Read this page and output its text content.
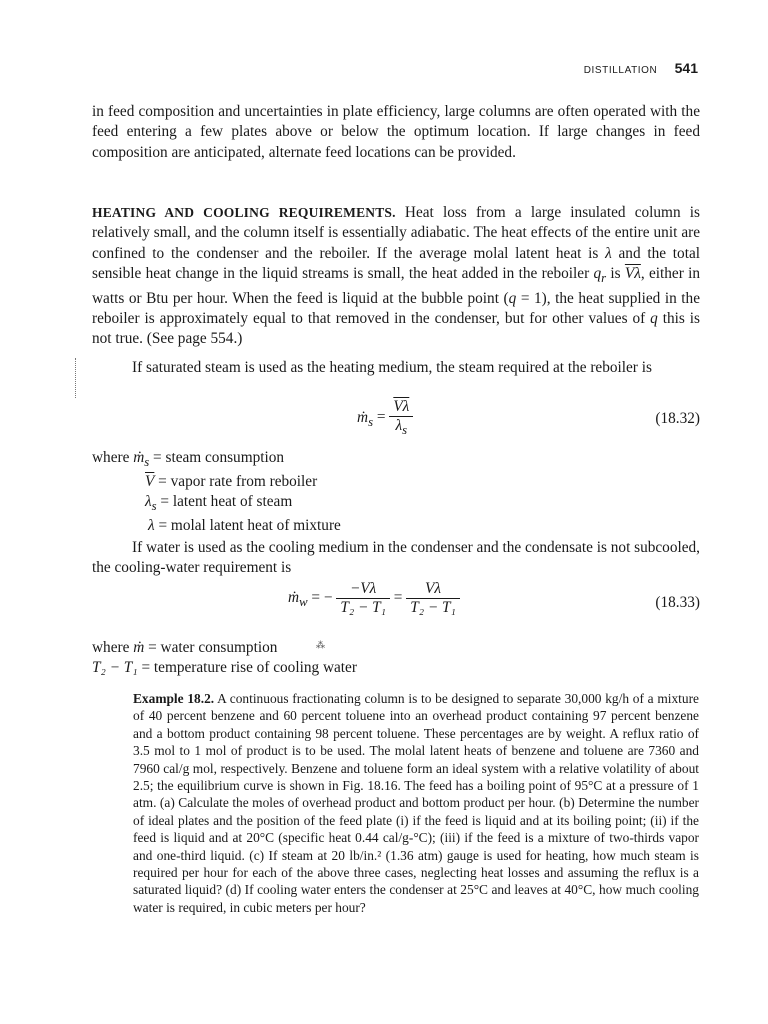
DISTILLATION 541

in feed composition and uncertainties in plate efficiency, large columns are often operated with the feed entering a few plates above or below the optimum location. If large changes in feed composition are anticipated, alternate feed locations can be provided.

HEATING AND COOLING REQUIREMENTS. Heat loss from a large insulated column is relatively small, and the column itself is essentially adiabatic. The heat effects of the entire unit are confined to the condenser and the reboiler. If the average molal latent heat is λ and the total sensible heat change in the liquid streams is small, the heat added in the reboiler $q_r$ is $\overline{V\lambda}$, either in watts or Btu per hour. When the feed is liquid at the bubble point (q = 1), the heat supplied in the reboiler is approximately equal to that removed in the condenser, but for other values of q this is not true. (See page 554.)

If saturated steam is used as the heating medium, the steam required at the reboiler is

ṁ$_s$ = $\frac{\overline{V\lambda}}{\lambda_s}$	(18.32)
where ṁ$_s$ = steam consumption
$\overline{V}$ = vapor rate from reboiler
$\lambda_s$ = latent heat of steam
λ = molal latent heat of mixture

If water is used as the cooling medium in the condenser and the condensate is not subcooled, the cooling-water requirement is

ṁ$_w$ = − $\frac{-V\lambda}{\text{T₂ − T₁}} = \frac{V\lambda}{\text{T₂ − T₁}}$	(18.33)
where ṁ = water consumption
T₂ − T₁ = temperature rise of cooling water
⁂

Example 18.2. A continuous fractionating column is to be designed to separate 30,000 kg/h of a mixture of 40 percent benzene and 60 percent toluene into an overhead product containing 97 percent benzene and a bottom product containing 98 percent toluene. These percentages are by weight. A reflux ratio of 3.5 mol to 1 mol of product is to be used. The molal latent heats of benzene and toluene are 7360 and 7960 cal/g mol, respectively. Benzene and toluene form an ideal system with a relative volatility of about 2.5; the equilibrium curve is shown in Fig. 18.16. The feed has a boiling point of 95°C at a pressure of 1 atm. (a) Calculate the moles of overhead product and bottom product per hour. (b) Determine the number of ideal plates and the position of the feed plate (i) if the feed is liquid and at its boiling point; (ii) if the feed is liquid and at 20°C (specific heat 0.44 cal/g-°C); (iii) if the feed is a mixture of two-thirds vapor and one-third liquid. (c) If steam at 20 lb/in.² (1.36 atm) gauge is used for heating, how much steam is required per hour for each of the above three cases, neglecting heat losses and assuming the reflux is a saturated liquid? (d) If cooling water enters the condenser at 25°C and leaves at 40°C, how much cooling water is required, in cubic meters per hour?
